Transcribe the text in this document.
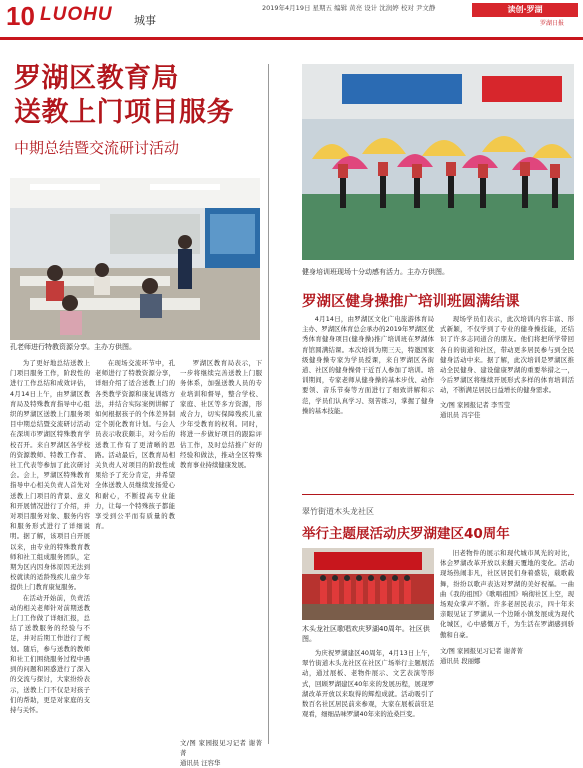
10 LUOHU 城事
2019年4月19日 星期五 编辑 黄亮 设计 沈润婷 校对 尹文静	读创·罗湖
罗湖日报
罗湖区教育局
送教上门项目服务
中期总结暨交流研讨活动
孔老师进行特教资源分享。主办方供图。

为了更好地总结送教上门项目服务工作，阶段性的进行工作总结和成效评估，4月14日上午，由罗湖区教育局及特殊教育指导中心组织的罗湖区送教上门服务项目中期总结暨交流研讨活动在深圳市罗湖区特殊教育学校召开。来自罗湖区各学校的资源教师、特教工作者、社工代表等参加了此次研讨会。会上，罗湖区特殊教育指导中心相关负责人首先对送教上门项目的背景、意义和开展情况进行了介绍，并对项目服务对象、服务内容和服务形式进行了详细说明。据了解，该项目自开展以来，由专业的特殊教育教师和社工组成服务团队，定期为区内因身体原因无法到校就读的适龄残疾儿童少年提供上门教育康复服务。

在活动开始前，负责活动的相关老师针对前期送教上门工作做了详细汇报，总结了送教服务的经验与不足，并对后期工作进行了规划。随后，参与送教的教师和社工们围绕服务过程中遇到的问题和困惑进行了深入的交流与探讨，大家纷纷表示，送教上门不仅是对孩子们的帮助，更是对家庭的支持与关怀。

在现场交流环节中，孔老师进行了特教资源分享，详细介绍了适合送教上门的各类教学资源和康复训练方法，并结合实际案例讲解了如何根据孩子的个体差异制定个别化教育计划。与会人员表示收获颇丰，对今后的送教工作有了更清晰的思路。活动最后，区教育局相关负责人对项目的阶段性成果给予了充分肯定，并希望全体送教人员继续发扬爱心和耐心，不断提高专业能力，让每一个特殊孩子都能享受到公平而有质量的教育。

罗湖区教育局表示，下一步将继续完善送教上门服务体系，加强送教人员的专业培训和督导，整合学校、家庭、社区等多方资源，形成合力，切实保障残疾儿童少年受教育的权利。同时，将进一步做好项目的跟踪评估工作，及时总结推广好的经验和做法，推动全区特殊教育事业持续健康发展。

文/图 家园报见习记者 谢菁菁
通讯员 汪容华
健身培训班现场十分动感有活力。主办方供图。
罗湖区健身操推广培训班圆满结课

4月14日，由罗湖区文化广电旅游体育局主办、罗湖区体育总会承办的2019年罗湖区优秀体育健身项目(健身操)推广培训班在罗湖体育馆圆满结课。本次培训为期三天，特邀国家级健身操专家为学员授课，来自罗湖区各街道、社区的健身操骨干近百人参加了培训。培训期间，专家老师从健身操的基本步伐、动作要领、音乐节奏等方面进行了细致讲解和示范，学员们认真学习、刻苦练习，掌握了健身操的基本技能。

现场学员们表示，此次培训内容丰富、形式新颖，不仅学到了专业的健身操技能，还结识了许多志同道合的朋友。他们将把所学带回各自的街道和社区，带动更多居民参与到全民健身活动中来。据了解，此次培训是罗湖区推动全民健身、建设健康罗湖的重要举措之一，今后罗湖区将继续开展形式多样的体育培训活动，不断满足居民日益增长的健身需求。

文/图 家园报记者 李雪莹
通讯员 冯宇佳
翠竹街道木头龙社区
举行主题展活动庆罗湖建区40周年
木头龙社区歌唱欢庆罗湖40周年。社区供图。

为庆祝罗湖建区40周年，4月13日上午，翠竹街道木头龙社区在社区广场举行主题展活动，通过展板、老物件展示、文艺表演等形式，回顾罗湖建区40年来的发展历程，展现罗湖改革开放以来取得的辉煌成就。活动吸引了数百名社区居民前来参观，大家在展板前驻足观看，细细品味罗湖40年来的沧桑巨变。

旧老物件的展示和现代城市风光的对比，体会罗湖改革开放以来翻天覆地的变化。活动现场热闹非凡，社区居民们身着盛装，载歌载舞，纷纷以歌声表达对罗湖的美好祝福。一曲曲《我的祖国》《歌唱祖国》响彻社区上空，现场观众掌声不断。许多老居民表示，四十年来亲眼见证了罗湖从一个边陲小镇发展成为现代化城区，心中感慨万千，为生活在罗湖感到骄傲和自豪。

文/图 家园报见习记者 谢菁菁
通讯员 段丽娜
